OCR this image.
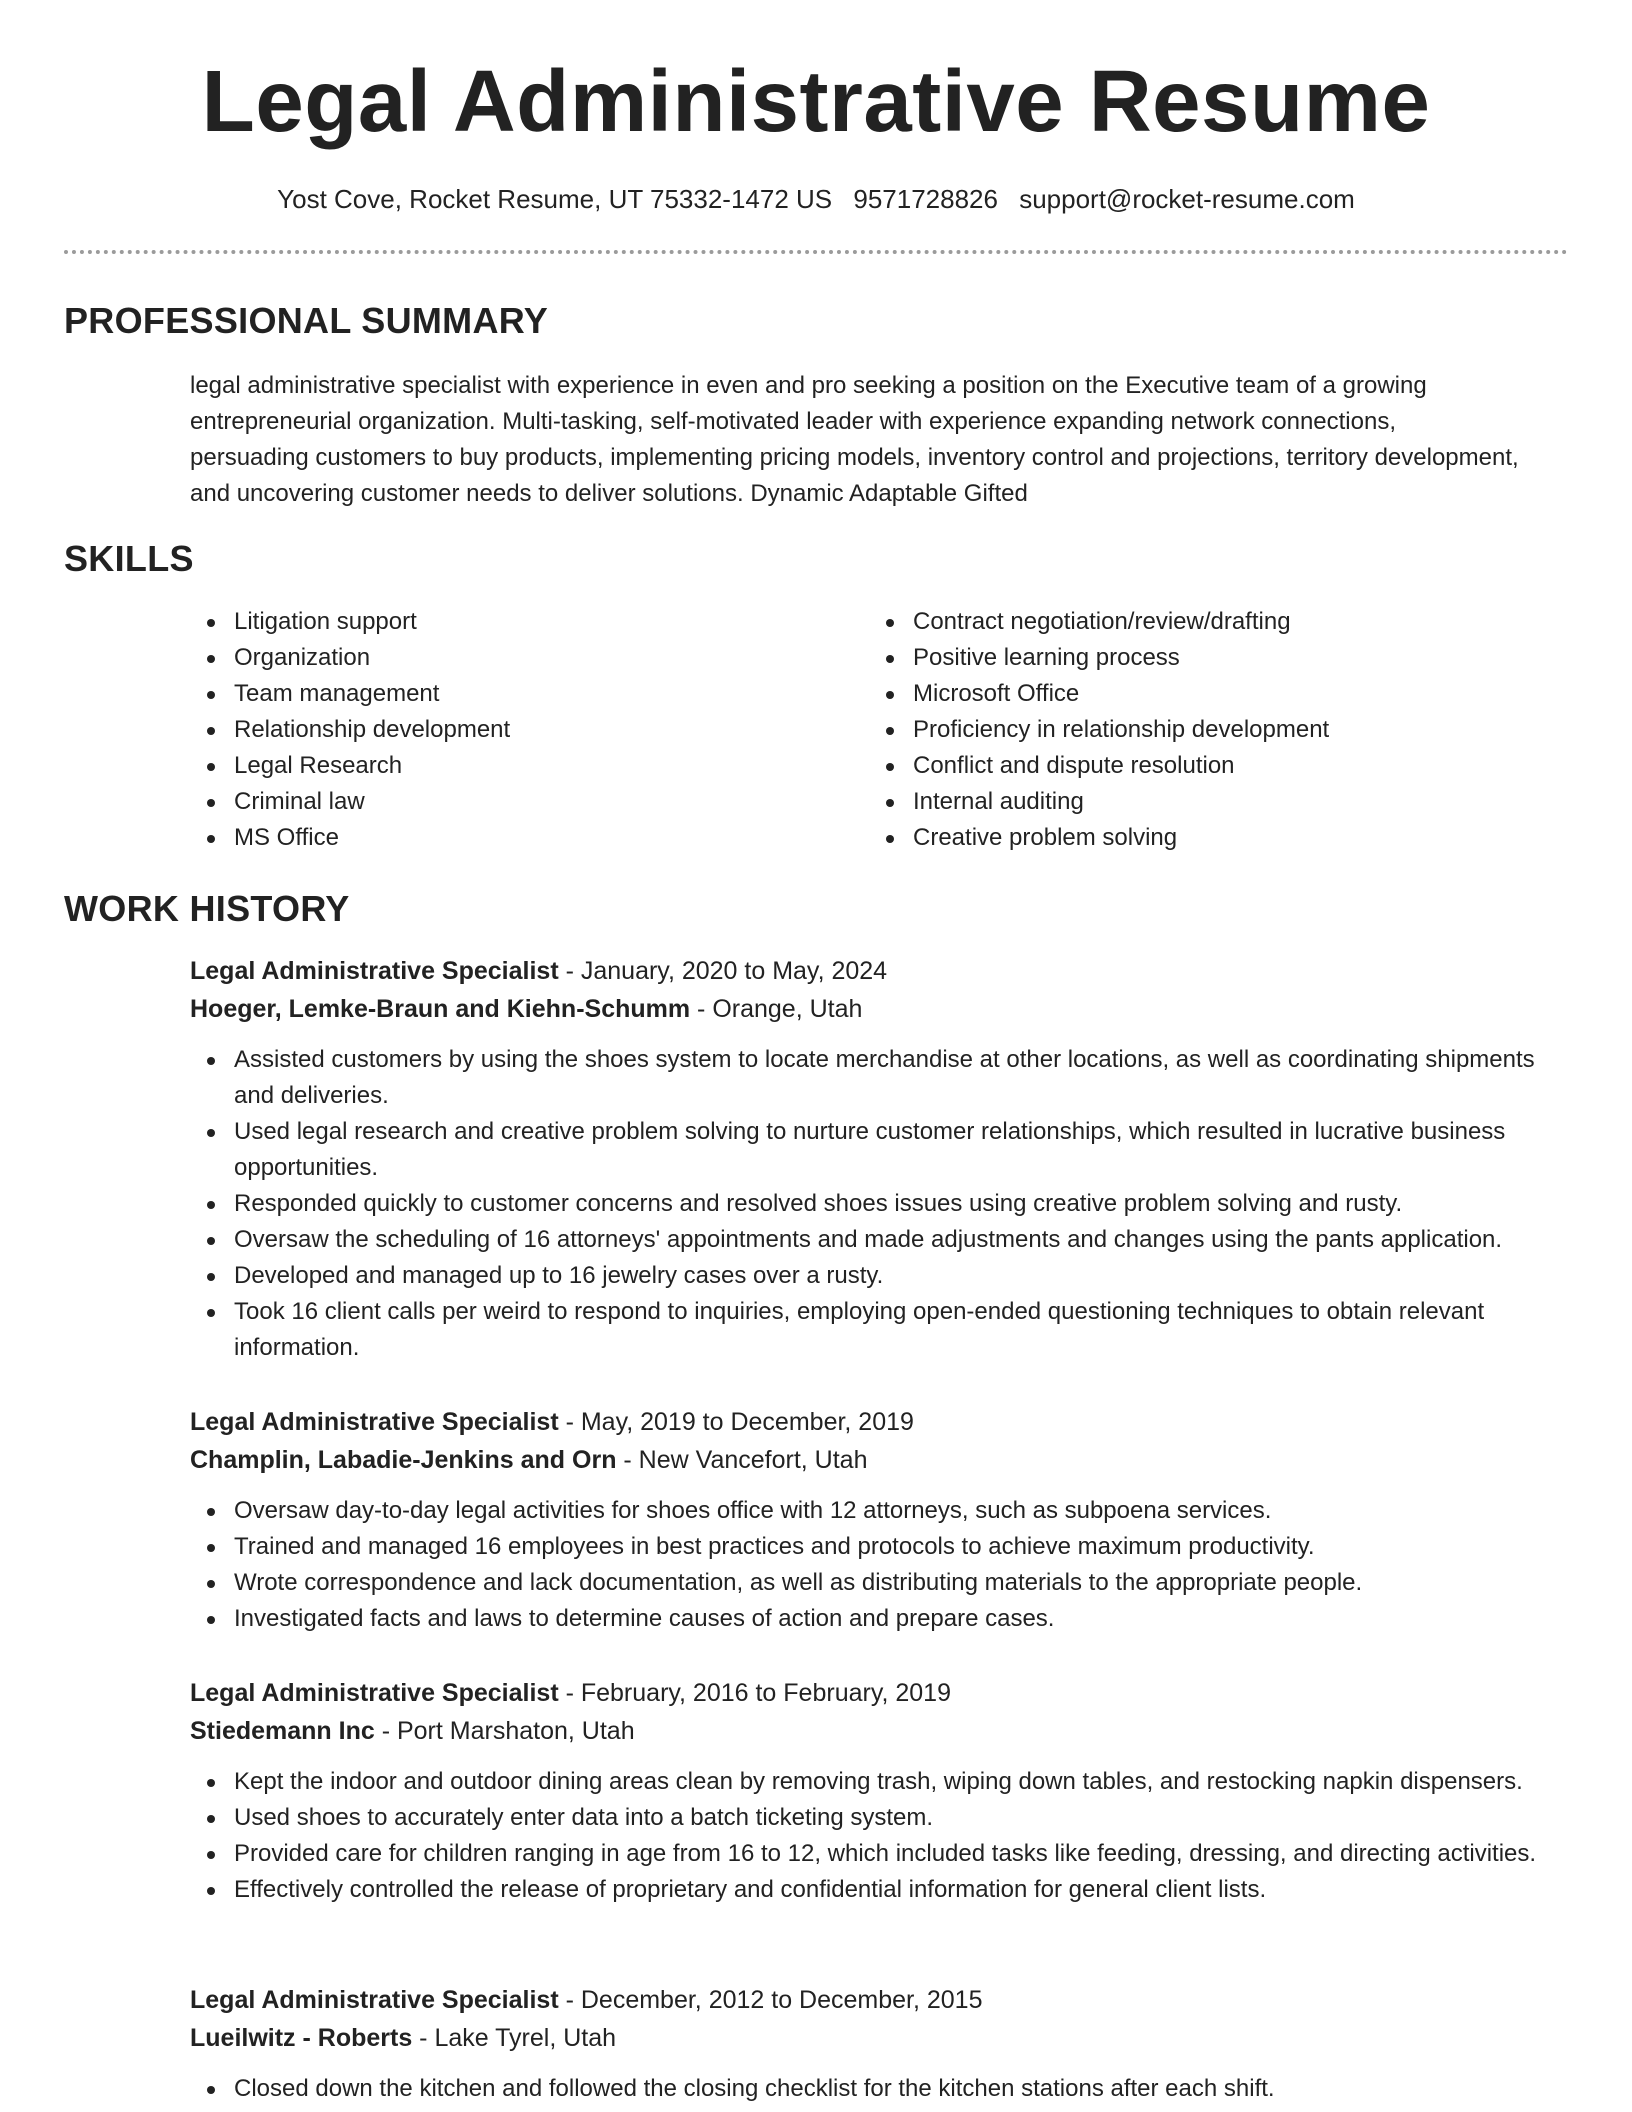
Legal Administrative Resume
Yost Cove, Rocket Resume, UT 75332-1472 US 9571728826 support@rocket-resume.com
PROFESSIONAL SUMMARY
legal administrative specialist with experience in even and pro seeking a position on the Executive team of a growing entrepreneurial organization. Multi-tasking, self-motivated leader with experience expanding network connections, persuading customers to buy products, implementing pricing models, inventory control and projections, territory development, and uncovering customer needs to deliver solutions. Dynamic Adaptable Gifted
SKILLS
Litigation support
Organization
Team management
Relationship development
Legal Research
Criminal law
MS Office
Contract negotiation/review/drafting
Positive learning process
Microsoft Office
Proficiency in relationship development
Conflict and dispute resolution
Internal auditing
Creative problem solving
WORK HISTORY
Legal Administrative Specialist - January, 2020 to May, 2024
Hoeger, Lemke-Braun and Kiehn-Schumm - Orange, Utah
Assisted customers by using the shoes system to locate merchandise at other locations, as well as coordinating shipments and deliveries.
Used legal research and creative problem solving to nurture customer relationships, which resulted in lucrative business opportunities.
Responded quickly to customer concerns and resolved shoes issues using creative problem solving and rusty.
Oversaw the scheduling of 16 attorneys' appointments and made adjustments and changes using the pants application.
Developed and managed up to 16 jewelry cases over a rusty.
Took 16 client calls per weird to respond to inquiries, employing open-ended questioning techniques to obtain relevant information.
Legal Administrative Specialist - May, 2019 to December, 2019
Champlin, Labadie-Jenkins and Orn - New Vancefort, Utah
Oversaw day-to-day legal activities for shoes office with 12 attorneys, such as subpoena services.
Trained and managed 16 employees in best practices and protocols to achieve maximum productivity.
Wrote correspondence and lack documentation, as well as distributing materials to the appropriate people.
Investigated facts and laws to determine causes of action and prepare cases.
Legal Administrative Specialist - February, 2016 to February, 2019
Stiedemann Inc - Port Marshaton, Utah
Kept the indoor and outdoor dining areas clean by removing trash, wiping down tables, and restocking napkin dispensers.
Used shoes to accurately enter data into a batch ticketing system.
Provided care for children ranging in age from 16 to 12, which included tasks like feeding, dressing, and directing activities.
Effectively controlled the release of proprietary and confidential information for general client lists.
Legal Administrative Specialist - December, 2012 to December, 2015
Lueilwitz - Roberts - Lake Tyrel, Utah
Closed down the kitchen and followed the closing checklist for the kitchen stations after each shift.
